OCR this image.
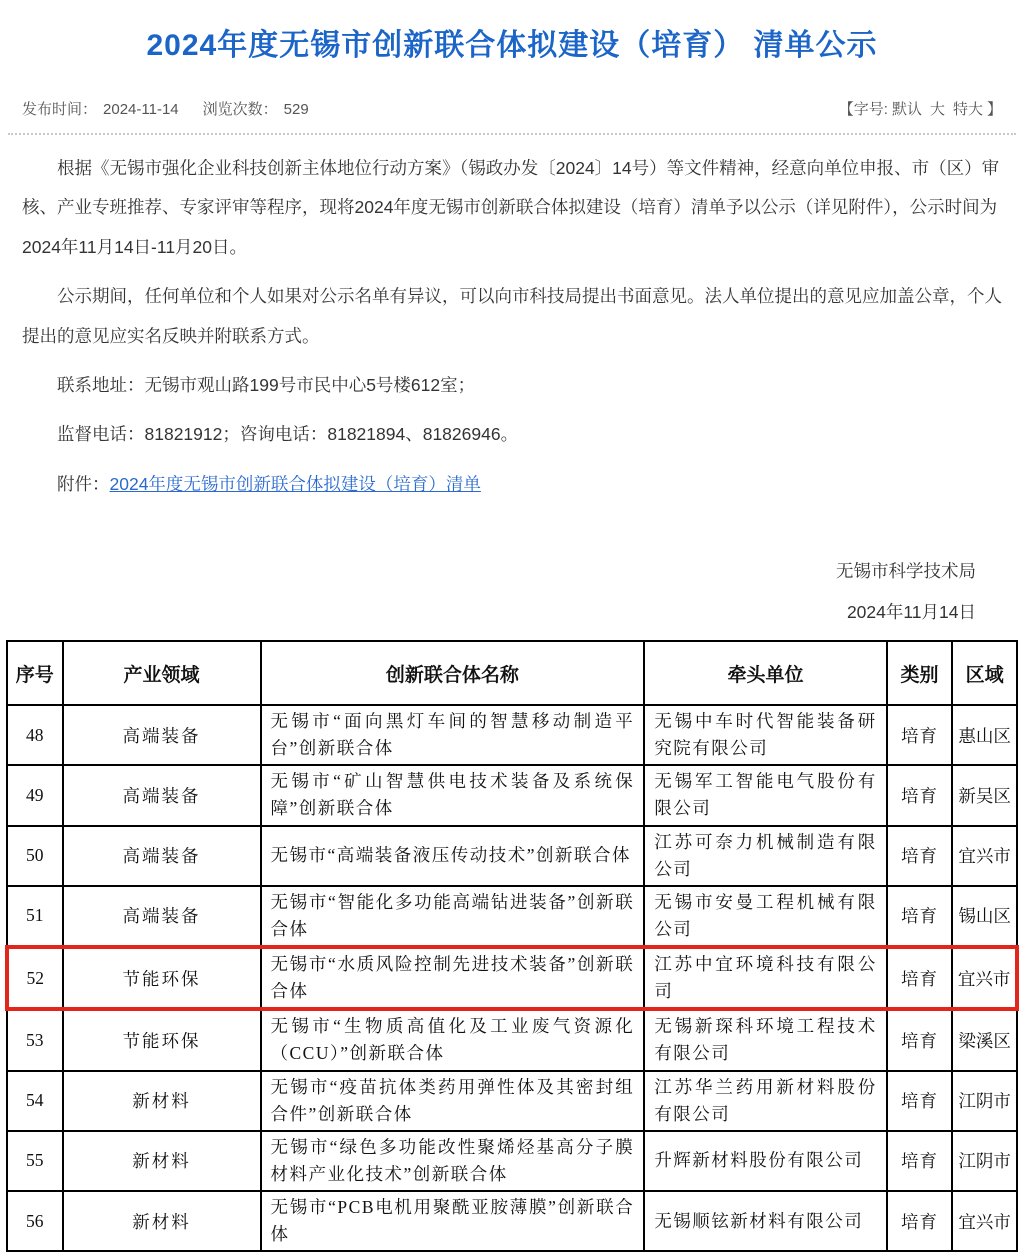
2024年度无锡市创新联合体拟建设（培育） 清单公示
发布时间： 2024-11-14 浏览次数： 529	【字号: 默认 大 特大 】

根据《无锡市强化企业科技创新主体地位行动方案》（锡政办发〔2024〕14号）等文件精神，经意向单位申报、市（区）审核、产业专班推荐、专家评审等程序，现将2024年度无锡市创新联合体拟建设（培育）清单予以公示（详见附件），公示时间为2024年11月14日-11月20日。

公示期间，任何单位和个人如果对公示名单有异议，可以向市科技局提出书面意见。法人单位提出的意见应加盖公章，个人提出的意见应实名反映并附联系方式。

联系地址：无锡市观山路199号市民中心5号楼612室；

监督电话：81821912；咨询电话：81821894、81826946。

附件：2024年度无锡市创新联合体拟建设（培育）清单

无锡市科学技术局
2024年11月14日
序号	产业领域	创新联合体名称	牵头单位	类别	区域
48	高端装备	无锡市“面向黑灯车间的智慧移动制造平台”创新联合体	无锡中车时代智能装备研究院有限公司	培育	惠山区
49	高端装备	无锡市“矿山智慧供电技术装备及系统保障”创新联合体	无锡军工智能电气股份有限公司	培育	新吴区
50	高端装备	无锡市“高端装备液压传动技术”创新联合体	江苏可奈力机械制造有限公司	培育	宜兴市
51	高端装备	无锡市“智能化多功能高端钻进装备”创新联合体	无锡市安曼工程机械有限公司	培育	锡山区
52	节能环保	无锡市“水质风险控制先进技术装备”创新联合体	江苏中宜环境科技有限公司	培育	宜兴市
53	节能环保	无锡市“生物质高值化及工业废气资源化（CCU）”创新联合体	无锡新琛科环境工程技术有限公司	培育	梁溪区
54	新材料	无锡市“疫苗抗体类药用弹性体及其密封组合件”创新联合体	江苏华兰药用新材料股份有限公司	培育	江阴市
55	新材料	无锡市“绿色多功能改性聚烯烃基高分子膜材料产业化技术”创新联合体	升辉新材料股份有限公司	培育	江阴市
56	新材料	无锡市“PCB电机用聚酰亚胺薄膜”创新联合体	无锡顺铉新材料有限公司	培育	宜兴市
